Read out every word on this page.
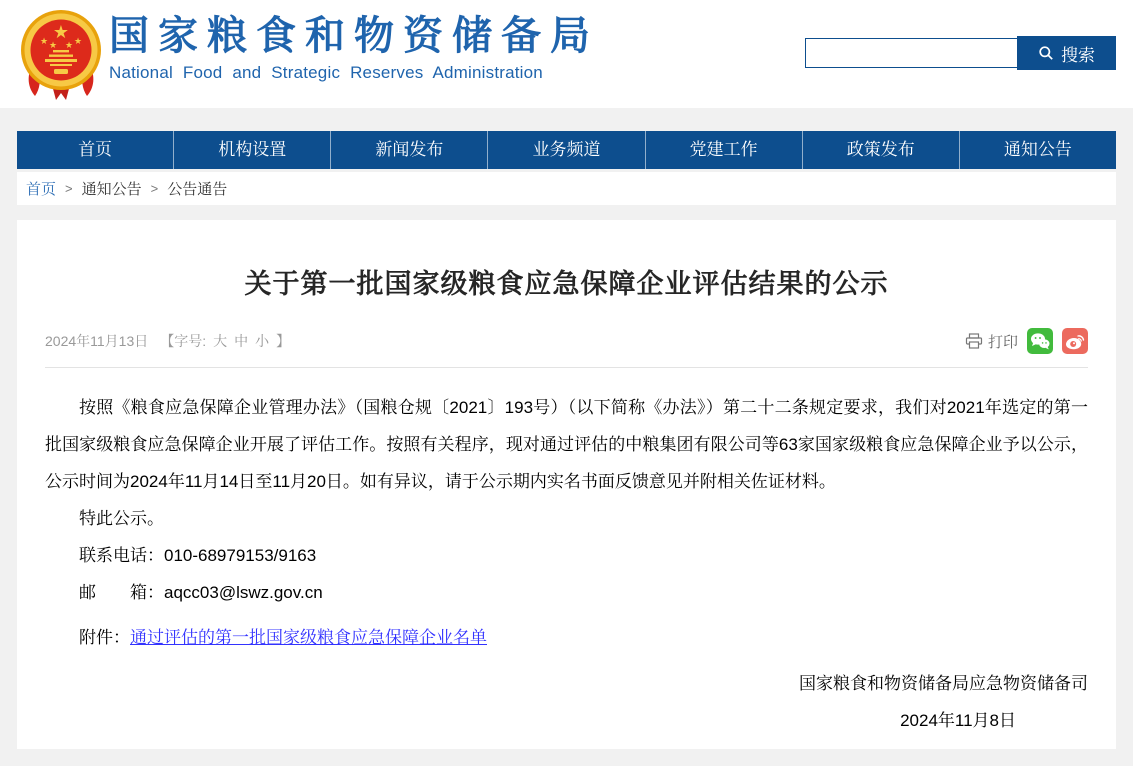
★
★ ★ ★ ★ 国家粮食和物资储备局
National Food and Strategic Reserves Administration
搜索
首页	机构设置	新闻发布	业务频道	党建工作	政策发布	通知公告
首页 > 通知公告 > 公告通告
关于第一批国家级粮食应急保障企业评估结果的公示
2024年11月13日 【字号: 大 中 小 】	打印

按照《粮食应急保障企业管理办法》（国粮仓规〔2021〕193号）（以下简称《办法》）第二十二条规定要求，我们对2021年选定的第一批国家级粮食应急保障企业开展了评估工作。按照有关程序，现对通过评估的中粮集团有限公司等63家国家级粮食应急保障企业予以公示，公示时间为2024年11月14日至11月20日。如有异议，请于公示期内实名书面反馈意见并附相关佐证材料。

特此公示。

联系电话：010-68979153/9163

邮　　箱：aqcc03@lswz.gov.cn

附件：通过评估的第一批国家级粮食应急保障企业名单

国家粮食和物资储备局应急物资储备司

2024年11月8日
